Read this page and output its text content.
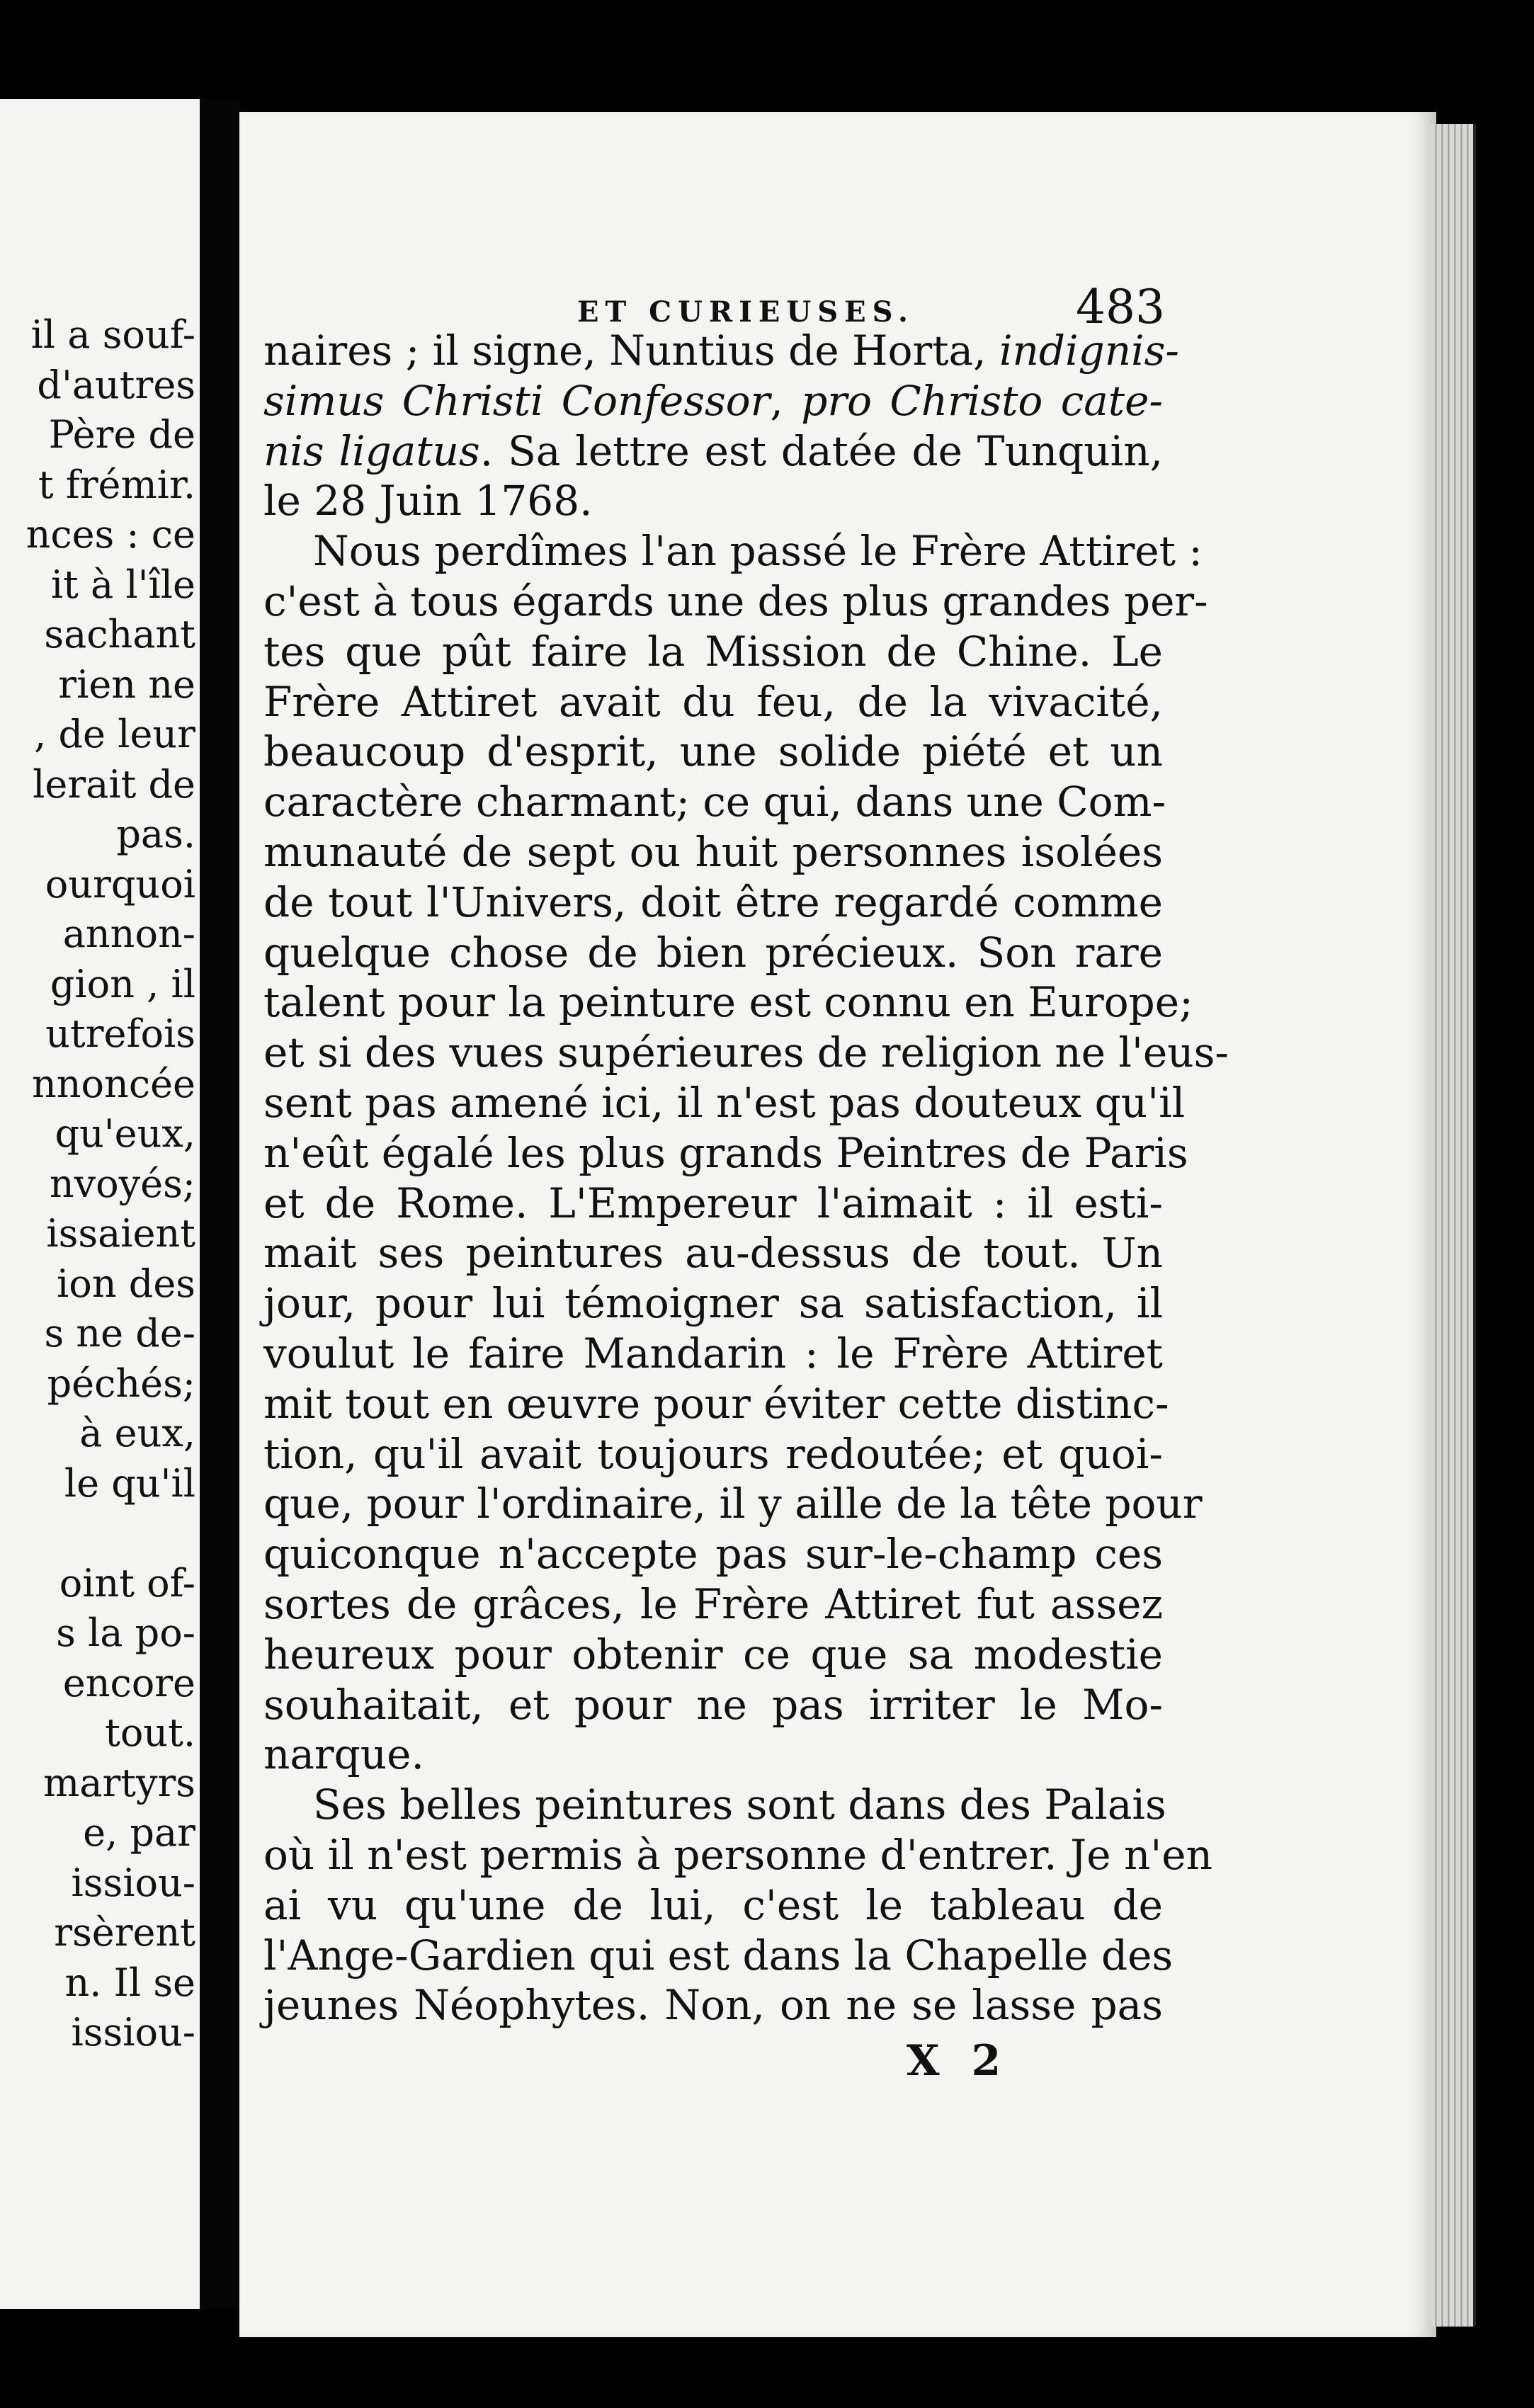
il a souf-
d'autres
Père de
t frémir.
nces : ce
it à l'île
sachant
rien ne
, de leur
lerait de
pas.
ourquoi
annon-
gion , il
utrefois
nnoncée
qu'eux,
nvoyés;
issaient
ion des
s ne de-
péchés;
à eux,
le qu'il
oint of-
s la po-
encore
tout.
martyrs
e, par
issiou-
rsèrent
n. Il se
issiou-
ET CURIEUSES.	483
naires ; il signe, Nuntius de Horta, indignis-
simus Christi Confessor, pro Christo cate-
nis ligatus. Sa lettre est datée de Tunquin,
le 28 Juin 1768.
Nous perdîmes l'an passé le Frère Attiret :
c'est à tous égards une des plus grandes per-
tes que pût faire la Mission de Chine. Le
Frère Attiret avait du feu, de la vivacité,
beaucoup d'esprit, une solide piété et un
caractère charmant; ce qui, dans une Com-
munauté de sept ou huit personnes isolées
de tout l'Univers, doit être regardé comme
quelque chose de bien précieux. Son rare
talent pour la peinture est connu en Europe;
et si des vues supérieures de religion ne l'eus-
sent pas amené ici, il n'est pas douteux qu'il
n'eût égalé les plus grands Peintres de Paris
et de Rome. L'Empereur l'aimait : il esti-
mait ses peintures au-dessus de tout. Un
jour, pour lui témoigner sa satisfaction, il
voulut le faire Mandarin : le Frère Attiret
mit tout en œuvre pour éviter cette distinc-
tion, qu'il avait toujours redoutée; et quoi-
que, pour l'ordinaire, il y aille de la tête pour
quiconque n'accepte pas sur-le-champ ces
sortes de grâces, le Frère Attiret fut assez
heureux pour obtenir ce que sa modestie
souhaitait, et pour ne pas irriter le Mo-
narque.
Ses belles peintures sont dans des Palais
où il n'est permis à personne d'entrer. Je n'en
ai vu qu'une de lui, c'est le tableau de
l'Ange-Gardien qui est dans la Chapelle des
jeunes Néophytes. Non, on ne se lasse pas
X 2
